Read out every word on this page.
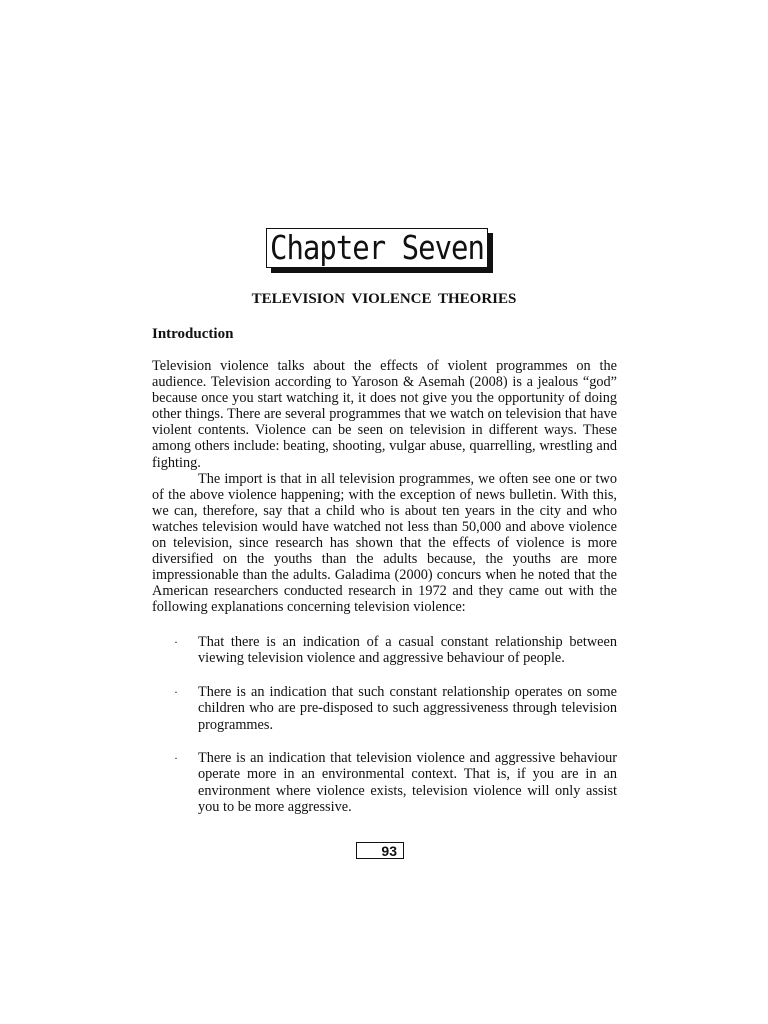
Chapter Seven
TELEVISION VIOLENCE THEORIES
Introduction

Television violence talks about the effects of violent programmes on the audience. Television according to Yaroson & Asemah (2008) is a jealous “god” because once you start watching it, it does not give you the opportunity of doing other things. There are several programmes that we watch on television that have violent contents. Violence can be seen on television in different ways. These among others include: beating, shooting, vulgar abuse, quarrelling, wrestling and fighting.

The import is that in all television programmes, we often see one or two of the above violence happening; with the exception of news bulletin. With this, we can, therefore, say that a child who is about ten years in the city and who watches television would have watched not less than 50,000 and above violence on television, since research has shown that the effects of violence is more diversified on the youths than the adults because, the youths are more impressionable than the adults. Galadima (2000) concurs when he noted that the American researchers conducted research in 1972 and they came out with the following explanations concerning television violence:

· That there is an indication of a casual constant relationship between viewing television violence and aggressive behaviour of people.
· There is an indication that such constant relationship operates on some children who are pre-disposed to such aggressiveness through television programmes.
· There is an indication that television violence and aggressive behaviour operate more in an environmental context. That is, if you are in an environment where violence exists, television violence will only assist you to be more aggressive.
93
